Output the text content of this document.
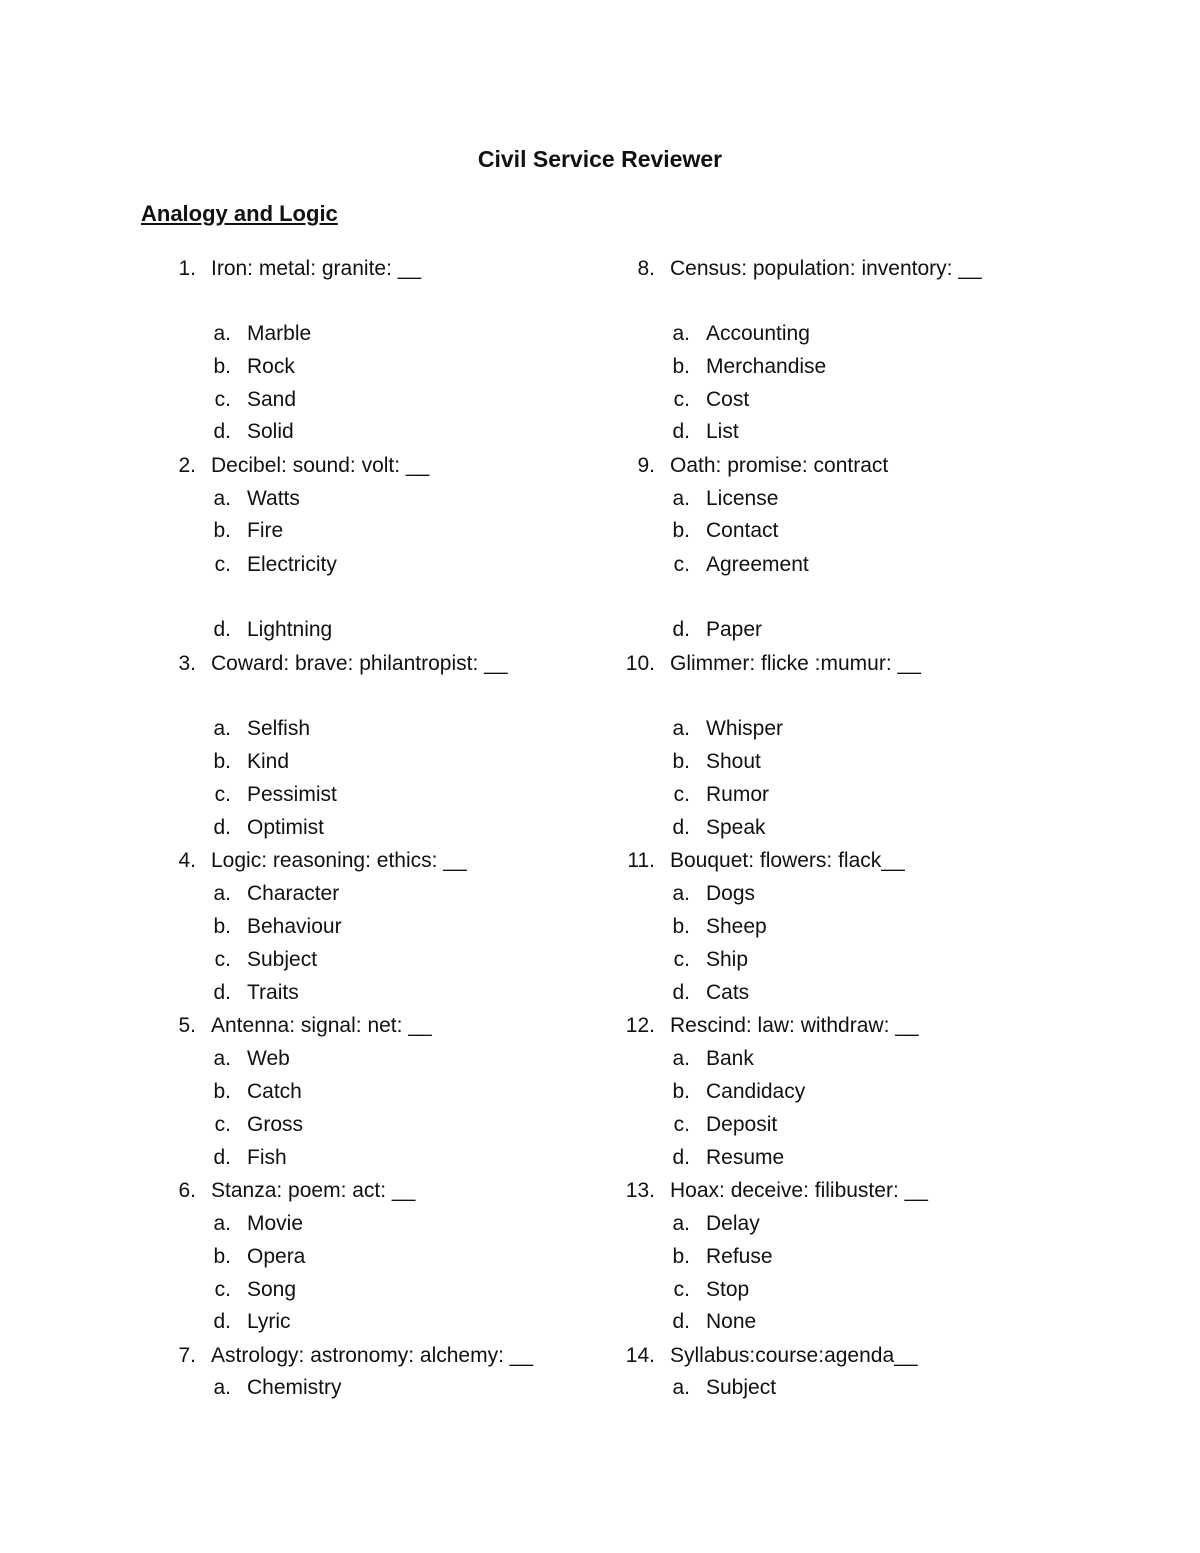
Civil Service Reviewer
Analogy and Logic
1. Iron: metal: granite: __
a. Marble
b. Rock
c. Sand
d. Solid
2. Decibel: sound: volt: __
a. Watts
b. Fire
c. Electricity
d. Lightning
3. Coward: brave: philantropist: __
a. Selfish
b. Kind
c. Pessimist
d. Optimist
4. Logic: reasoning: ethics: __
a. Character
b. Behaviour
c. Subject
d. Traits
5. Antenna: signal: net: __
a. Web
b. Catch
c. Gross
d. Fish
6. Stanza: poem: act: __
a. Movie
b. Opera
c. Song
d. Lyric
7. Astrology: astronomy: alchemy: __
a. Chemistry
8. Census: population: inventory: __
a. Accounting
b. Merchandise
c. Cost
d. List
9. Oath: promise: contract
a. License
b. Contact
c. Agreement
d. Paper
10. Glimmer: flicke :mumur: __
a. Whisper
b. Shout
c. Rumor
d. Speak
11. Bouquet: flowers: flack__
a. Dogs
b. Sheep
c. Ship
d. Cats
12. Rescind: law: withdraw: __
a. Bank
b. Candidacy
c. Deposit
d. Resume
13. Hoax: deceive: filibuster: __
a. Delay
b. Refuse
c. Stop
d. None
14. Syllabus:course:agenda__
a. Subject
